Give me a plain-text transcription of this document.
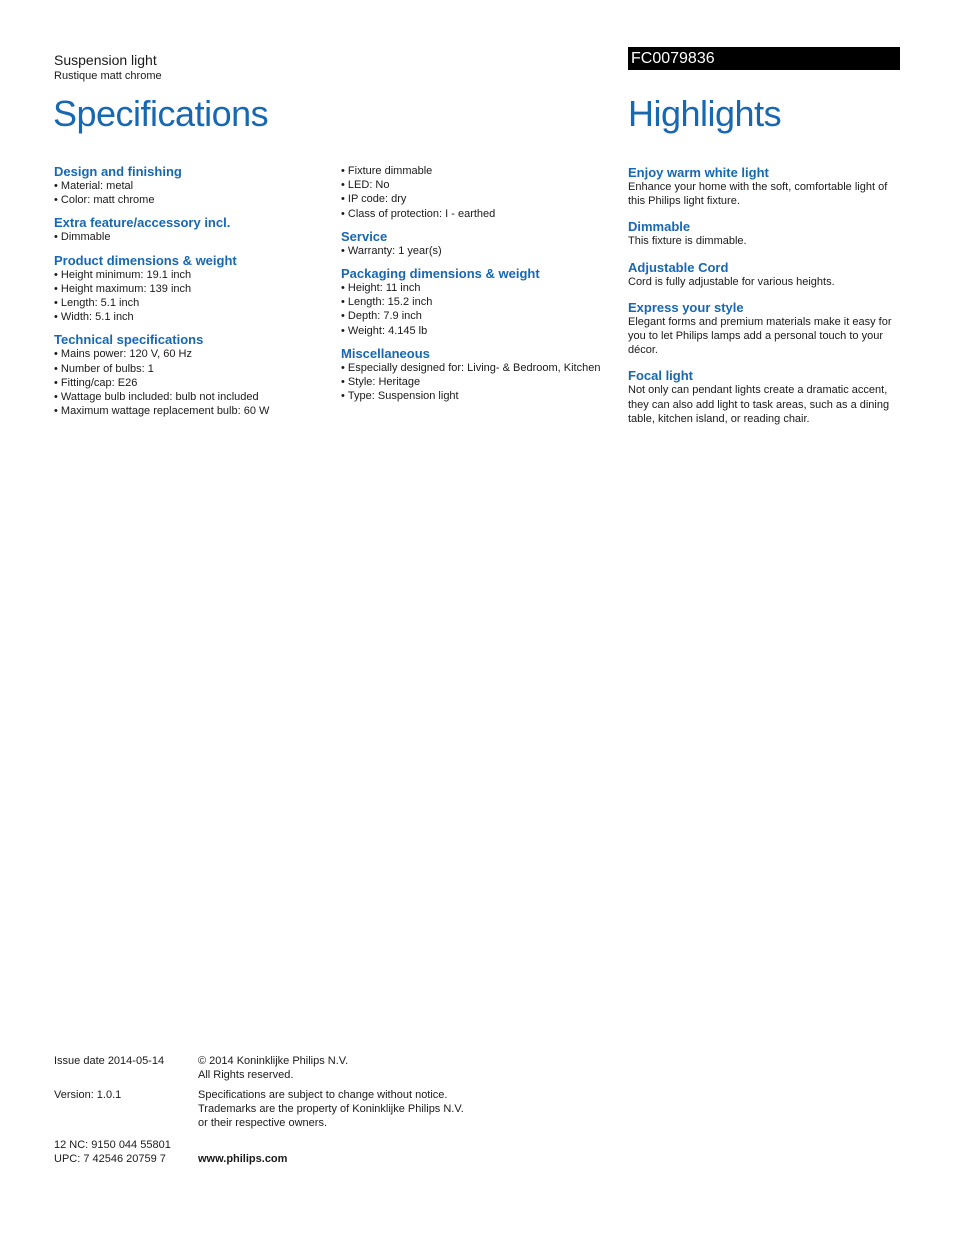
Suspension light
Rustique matt chrome
FC0079836
Specifications	Highlights
Design and finishing
• Material: metal
• Color: matt chrome
Extra feature/accessory incl.
• Dimmable
Product dimensions & weight
• Height minimum: 19.1 inch
• Height maximum: 139 inch
• Length: 5.1 inch
• Width: 5.1 inch
Technical specifications
• Mains power: 120 V, 60 Hz
• Number of bulbs: 1
• Fitting/cap: E26
• Wattage bulb included: bulb not included
• Maximum wattage replacement bulb: 60 W
• Fixture dimmable
• LED: No
• IP code: dry
• Class of protection: I - earthed
Service
• Warranty: 1 year(s)
Packaging dimensions & weight
• Height: 11 inch
• Length: 15.2 inch
• Depth: 7.9 inch
• Weight: 4.145 lb
Miscellaneous
• Especially designed for: Living- & Bedroom, Kitchen
• Style: Heritage
• Type: Suspension light
Enjoy warm white light

Enhance your home with the soft, comfortable light of this Philips light fixture.

Dimmable

This fixture is dimmable.

Adjustable Cord

Cord is fully adjustable for various heights.

Express your style

Elegant forms and premium materials make it easy for you to let Philips lamps add a personal touch to your décor.

Focal light

Not only can pendant lights create a dramatic accent, they can also add light to task areas, such as a dining table, kitchen island, or reading chair.

Issue date 2014-05-14	© 2014 Koninklijke Philips N.V.
All Rights reserved.
Version: 1.0.1	Specifications are subject to change without notice.
Trademarks are the property of Koninklijke Philips N.V.
or their respective owners.
12 NC: 9150 044 55801
UPC: 7 42546 20759 7	www.philips.com
